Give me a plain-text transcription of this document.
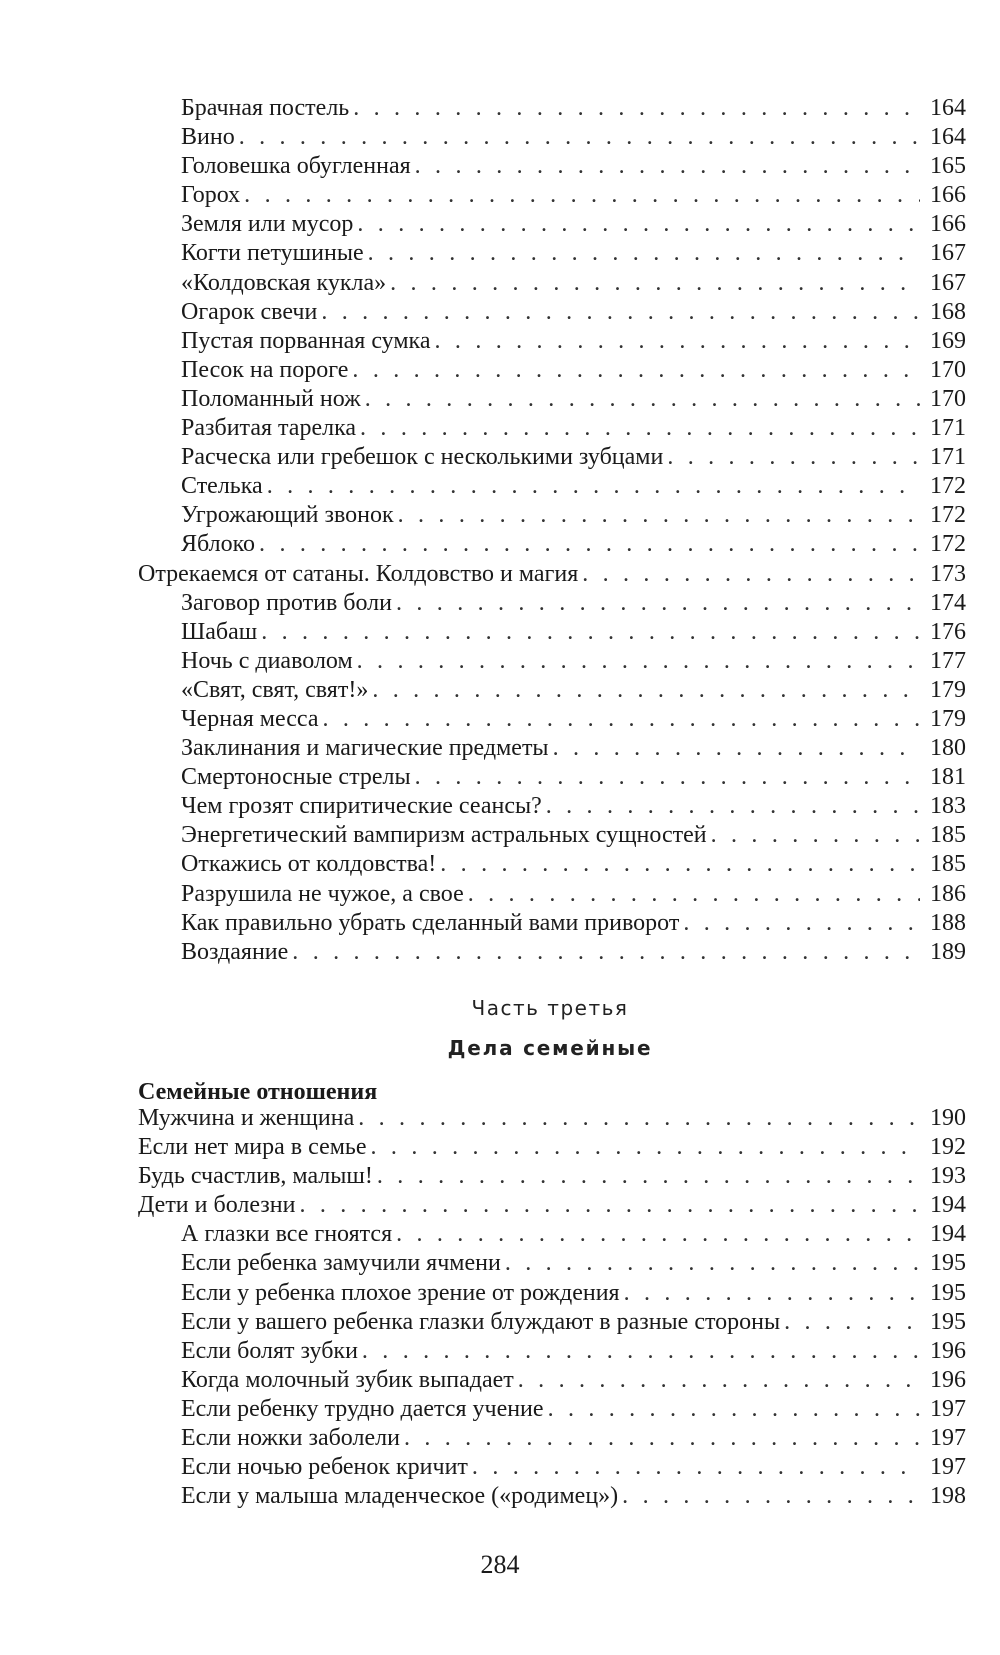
Брачная постель . . .	164
Вино . . .	164
Головешка обугленная . . .	165
Горох . . .	166
Земля или мусор . . .	166
Когти петушиные . . .	167
«Колдовская кукла» . . .	167
Огарок свечи . . .	168
Пустая порванная сумка . . .	169
Песок на пороге . . .	170
Поломанный нож . . .	170
Разбитая тарелка . . .	171
Расческа или гребешок с несколькими зубцами . . .	171
Стелька . . .	172
Угрожающий звонок . . .	172
Яблоко . . .	172
Отрекаемся от сатаны. Колдовство и магия . . .	173
Заговор против боли . . .	174
Шабаш . . .	176
Ночь с диаволом . . .	177
«Свят, свят, свят!» . . .	179
Черная месса . . .	179
Заклинания и магические предметы . . .	180
Смертоносные стрелы . . .	181
Чем грозят спиритические сеансы? . . .	183
Энергетический вампиризм астральных сущностей . . .	185
Откажись от колдовства! . . .	185
Разрушила не чужое, а свое . . .	186
Как правильно убрать сделанный вами приворот . . .	188
Воздаяние . . .	189
Часть третья
Дела семейные
Семейные отношения
Мужчина и женщина . . .	190
Если нет мира в семье . . .	192
Будь счастлив, малыш! . . .	193
Дети и болезни . . .	194
А глазки все гноятся . . .	194
Если ребенка замучили ячмени . . .	195
Если у ребенка плохое зрение от рождения . . .	195
Если у вашего ребенка глазки блуждают в разные стороны . . .	195
Если болят зубки . . .	196
Когда молочный зубик выпадает . . .	196
Если ребенку трудно дается учение . . .	197
Если ножки заболели . . .	197
Если ночью ребенок кричит . . .	197
Если у малыша младенческое («родимец») . . .	198
284
